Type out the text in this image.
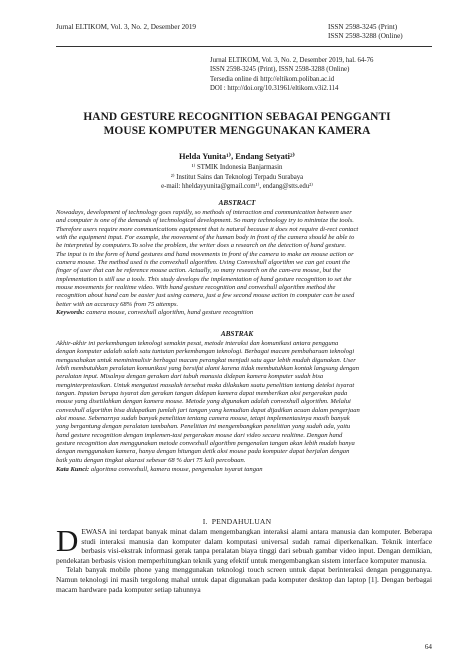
Jurnal ELTIKOM, Vol. 3, No. 2, Desember 2019	ISSN 2598-3245 (Print)
ISSN 2598-3288 (Online)
Jurnal ELTIKOM, Vol. 3, No. 2, Desember 2019, hal. 64-76
ISSN 2598-3245 (Print), ISSN 2598-3288 (Online)
Tersedia online di http://eltikom.poliban.ac.id
DOI : http://doi.org/10.31961/eltikom.v3i2.114
HAND GESTURE RECOGNITION SEBAGAI PENGGANTI
MOUSE KOMPUTER MENGGUNAKAN KAMERA
Helda Yunita¹⁾, Endang Setyati²⁾
¹⁾ STMIK Indonesia Banjarmasin
²⁾ Institut Sains dan Teknologi Terpadu Surabaya
e-mail: hheldayyunita@gmail.com¹⁾, endang@stts.edu²⁾
ABSTRACT
Nowadays, development of technology goes rapidly, so methods of interaction and communication between user
and computer is one of the demands of technological development. So many technology try to minimize the tools.
Therefore users require more communications equipment that is natural because it does not require di-rect contact
with the equipment input. For example, the movement of the human body in front of the camera should be able to
be interpreted by computers.To solve the problem, the writer does a research on the detection of hand gesture.
The input is in the form of hand gestures and hand movements in front of the camera to make an mouse action or
camera mouse. The method used is the convexhull algorithm. Using Convexhull algorithm we can get count the
finger of user that can be reference mouse action. Actually, so many research on the cam-era mouse, but the
implementation is still use a tools. This study develops the implementation of hand gesture recognition to set the
mouse movements for realtime video. With hand gesture recognition and convexhull algorithm method the
recognition about hand can be easier just using camera, just a few second mouse action in computer can be used
better with an accuracy 68% from 75 attemps.
Keywords: camera mouse, convexhull algorithm, hand gesture recognition
ABSTRAK
Akhir-akhir ini perkembangan teknologi semakin pesat, metode interaksi dan komunikasi antara pengguna
dengan komputer adalah salah satu tuntutan perkembangan teknologi. Berbagai macam pembaharuan teknologi
mengusahakan untuk meminimalisir berbagai macam perangkat menjadi satu agar lebih mudah digunakan. User
lebih membutuhkan peralatan komunikasi yang bersifat alami karena tidak membutuhkan kontak langsung dengan
peralatan input. Misalnya dengan gerakan dari tubuh manusia didepan kamera komputer sudah bisa
menginterpretasikan. Untuk mengatasi masalah tersebut maka dilakukan suatu penelitian tentang deteksi isyarat
tangan. Inputan berupa isyarat dan gerakan tangan didepan kamera dapat memberikan aksi pergerakan pada
mouse yang disetilahkan dengan kamera mouse. Metode yang digunakan adalah convexhull algorithm. Melalui
convexhull algorithm bisa didapatkan jumlah jari tangan yang kemudian dapat dijadikan acuan dalam pengerjaan
aksi mouse. Sebenarnya sudah banyak penelitian tentang camera mouse, tetapi implementasinya masih banyak
yang bergantung dengan peralatan tambahan. Penelitian ini mengembangkan penelitian yang sudah ada, yaitu
hand gesture recognition dengan implemen-tasi pergerakan mouse dari video secara realtime. Dengan hand
gesture recognition dan menggunakan metode convexhull algorithm pengenalan tangan akan lebih mudah hanya
dengan menggunakan kamera, hanya dengan hitungan detik aksi mouse pada komputer dapat berjalan dengan
baik yaitu dengan tingkat akurasi sebesar 68 % dari 75 kali percobaan.
Kata Kunci: algoritma convexhull, kamera mouse, pengenalan isyarat tangan
I. PENDAHULUAN

DEWASA ini terdapat banyak minat dalam mengembangkan interaksi alami antara manusia dan komputer. Beberapa studi interaksi manusia dan komputer dalam komputasi universal sudah ramai diperkenalkan. Teknik interface berbasis visi-ekstrak informasi gerak tanpa peralatan biaya tinggi dari sebuah gambar video input. Dengan demikian, pendekatan berbasis vision memperhitungkan teknik yang efektif untuk mengembangkan sistem interface komputer manusia.

Telah banyak mobile phone yang menggunakan teknologi touch screen untuk dapat berinteraksi dengan penggunanya. Namun teknologi ini masih tergolong mahal untuk dapat digunakan pada komputer desktop dan laptop [1]. Dengan berbagai macam hardware pada komputer setiap tahunnya

64
